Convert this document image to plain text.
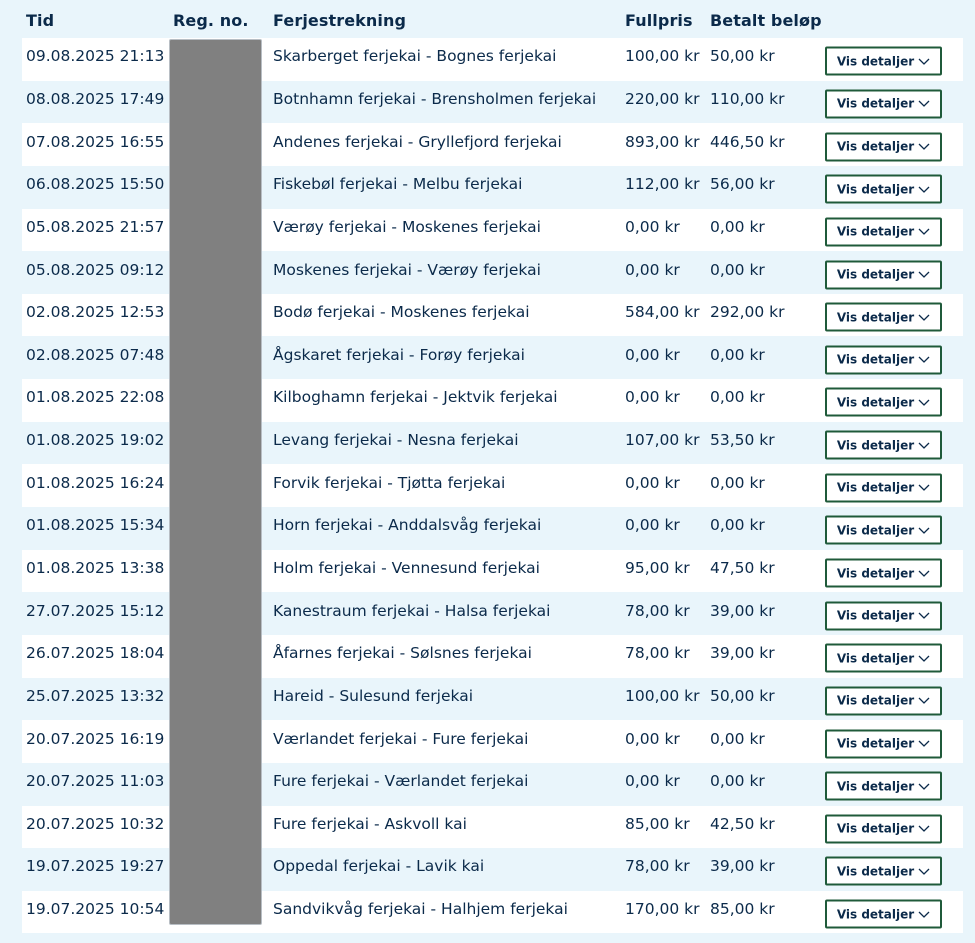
Tid	Reg. no. Ferjestrekning	Fullpris Betalt beløp
09.08.2025 21:13	Skarberget ferjekai - Bognes ferjekai	100,00 kr 50,00 kr	Vis detaljer
08.08.2025 17:49	Botnhamn ferjekai - Brensholmen ferjekai 220,00 kr 110,00 kr	Vis detaljer
07.08.2025 16:55	Andenes ferjekai - Gryllefjord ferjekai	893,00 kr 446,50 kr	Vis detaljer
06.08.2025 15:50	Fiskebøl ferjekai - Melbu ferjekai	112,00 kr 56,00 kr	Vis detaljer
05.08.2025 21:57	Værøy ferjekai - Moskenes ferjekai	0,00 kr 0,00 kr	Vis detaljer
05.08.2025 09:12	Moskenes ferjekai - Værøy ferjekai	0,00 kr 0,00 kr	Vis detaljer
02.08.2025 12:53	Bodø ferjekai - Moskenes ferjekai	584,00 kr 292,00 kr	Vis detaljer
02.08.2025 07:48	Ågskaret ferjekai - Forøy ferjekai	0,00 kr 0,00 kr	Vis detaljer
01.08.2025 22:08	Kilboghamn ferjekai - Jektvik ferjekai	0,00 kr 0,00 kr	Vis detaljer
01.08.2025 19:02	Levang ferjekai - Nesna ferjekai	107,00 kr 53,50 kr	Vis detaljer
01.08.2025 16:24	Forvik ferjekai - Tjøtta ferjekai	0,00 kr 0,00 kr	Vis detaljer
01.08.2025 15:34	Horn ferjekai - Anddalsvåg ferjekai	0,00 kr 0,00 kr	Vis detaljer
01.08.2025 13:38	Holm ferjekai - Vennesund ferjekai	95,00 kr 47,50 kr	Vis detaljer
27.07.2025 15:12	Kanestraum ferjekai - Halsa ferjekai	78,00 kr 39,00 kr	Vis detaljer
26.07.2025 18:04	Åfarnes ferjekai - Sølsnes ferjekai	78,00 kr 39,00 kr	Vis detaljer
25.07.2025 13:32	Hareid - Sulesund ferjekai	100,00 kr 50,00 kr	Vis detaljer
20.07.2025 16:19	Værlandet ferjekai - Fure ferjekai	0,00 kr 0,00 kr	Vis detaljer
20.07.2025 11:03	Fure ferjekai - Værlandet ferjekai	0,00 kr 0,00 kr	Vis detaljer
20.07.2025 10:32	Fure ferjekai - Askvoll kai	85,00 kr 42,50 kr	Vis detaljer
19.07.2025 19:27	Oppedal ferjekai - Lavik kai	78,00 kr 39,00 kr	Vis detaljer
19.07.2025 10:54	Sandvikvåg ferjekai - Halhjem ferjekai	170,00 kr 85,00 kr	Vis detaljer
